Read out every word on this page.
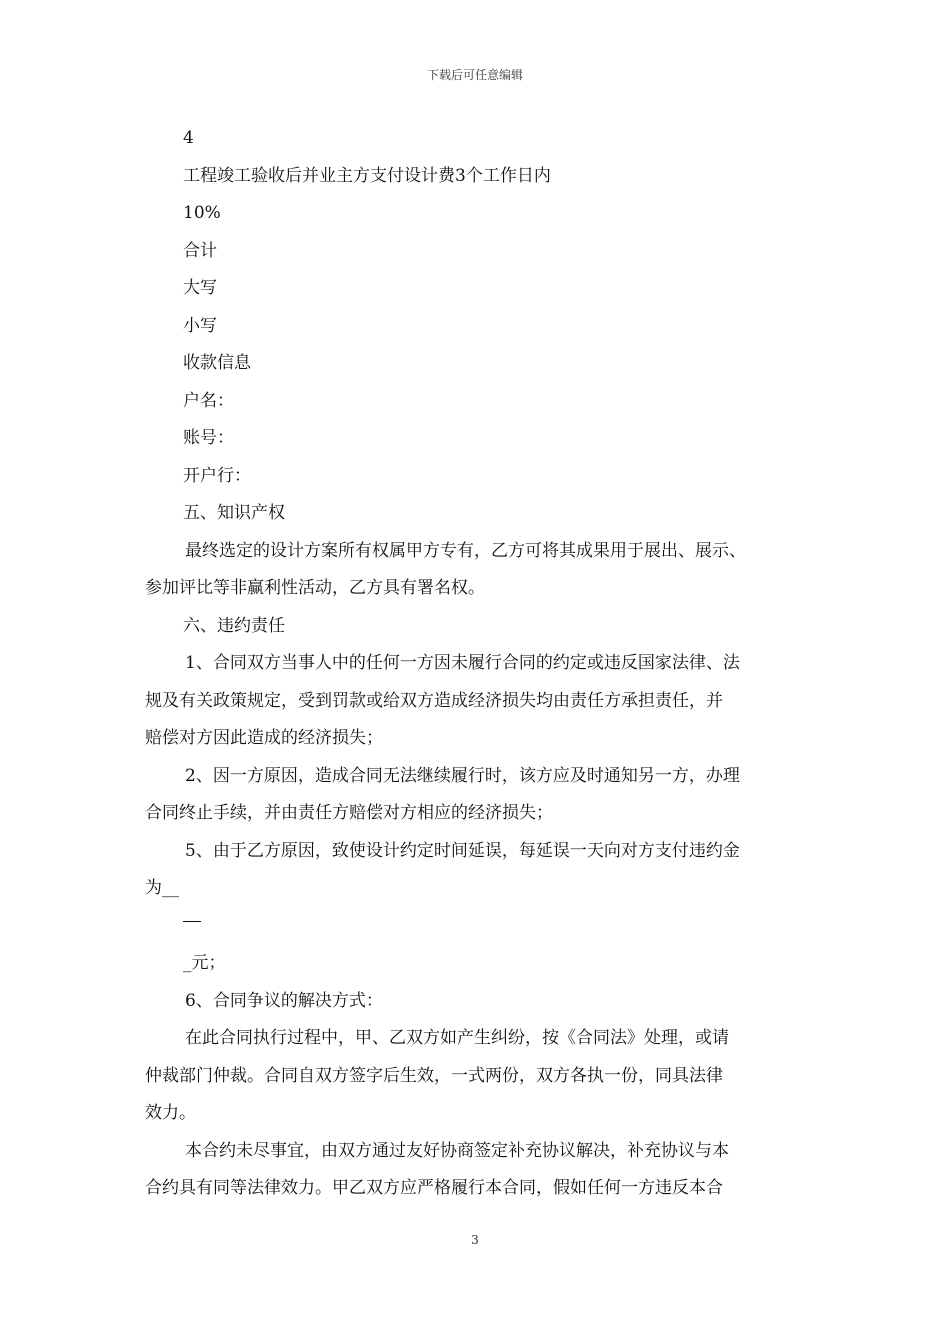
下载后可任意编辑
4
工程竣工验收后并业主方支付设计费3个工作日内
10%
合计
大写
小写
收款信息
户名：
账号：
开户行：
五、知识产权
最终选定的设计方案所有权属甲方专有，乙方可将其成果用于展出、展示、
参加评比等非赢利性活动，乙方具有署名权。
六、违约责任
1、合同双方当事人中的任何一方因未履行合同的约定或违反国家法律、法
规及有关政策规定，受到罚款或给双方造成经济损失均由责任方承担责任，并
赔偿对方因此造成的经济损失；
2、因一方原因，造成合同无法继续履行时，该方应及时通知另一方，办理
合同终止手续，并由责任方赔偿对方相应的经济损失；
5、由于乙方原因，致使设计约定时间延误，每延误一天向对方支付违约金
为__
_元；
6、合同争议的解决方式：
在此合同执行过程中，甲、乙双方如产生纠纷，按《合同法》处理，或请
仲裁部门仲裁。合同自双方签字后生效，一式两份，双方各执一份，同具法律
效力。
本合约未尽事宜，由双方通过友好协商签定补充协议解决，补充协议与本
合约具有同等法律效力。甲乙双方应严格履行本合同，假如任何一方违反本合
3
